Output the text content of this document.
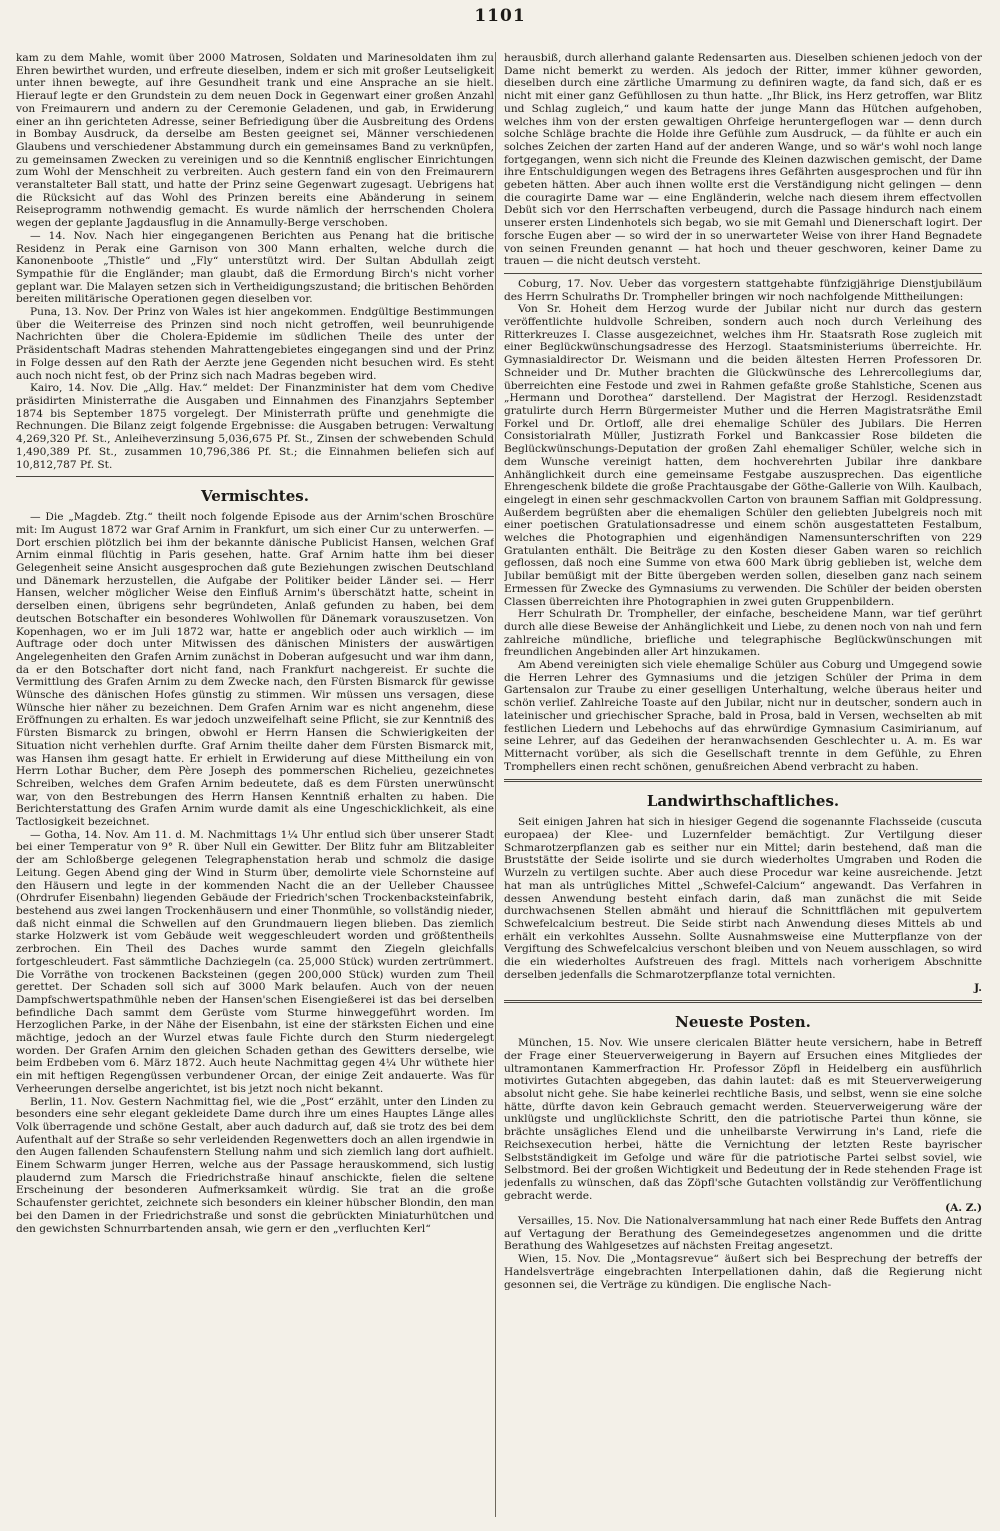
1101

kam zu dem Mahle, womit über 2000 Matrosen, Soldaten und Marinesoldaten ihm zu Ehren bewirthet wurden, und erfreute dieselben, indem er sich mit großer Leutseligkeit unter ihnen bewegte, auf ihre Gesundheit trank und eine Ansprache an sie hielt. Hierauf legte er den Grundstein zu dem neuen Dock in Gegenwart einer großen Anzahl von Freimaurern und andern zu der Ceremonie Geladenen, und gab, in Erwiderung einer an ihn gerichteten Adresse, seiner Befriedigung über die Ausbreitung des Ordens in Bombay Ausdruck, da derselbe am Besten geeignet sei, Männer verschiedenen Glaubens und verschiedener Abstammung durch ein gemeinsames Band zu verknüpfen, zu gemeinsamen Zwecken zu vereinigen und so die Kenntniß englischer Einrichtungen zum Wohl der Menschheit zu verbreiten. Auch gestern fand ein von den Freimaurern veranstalteter Ball statt, und hatte der Prinz seine Gegenwart zugesagt. Uebrigens hat die Rücksicht auf das Wohl des Prinzen bereits eine Abänderung in seinem Reiseprogramm nothwendig gemacht. Es wurde nämlich der herrschenden Cholera wegen der geplante Jagdausflug in die Annamully-Berge verschoben.

— 14. Nov. Nach hier eingegangenen Berichten aus Penang hat die britische Residenz in Perak eine Garnison von 300 Mann erhalten, welche durch die Kanonenboote „Thistle“ und „Fly“ unterstützt wird. Der Sultan Abdullah zeigt Sympathie für die Engländer; man glaubt, daß die Ermordung Birch's nicht vorher geplant war. Die Malayen setzen sich in Vertheidigungszustand; die britischen Behörden bereiten militärische Operationen gegen dieselben vor.

Puna, 13. Nov. Der Prinz von Wales ist hier angekommen. Endgültige Bestimmungen über die Weiterreise des Prinzen sind noch nicht getroffen, weil beunruhigende Nachrichten über die Cholera-Epidemie im südlichen Theile des unter der Präsidentschaft Madras stehenden Mahrattengebietes eingegangen sind und der Prinz in Folge dessen auf den Rath der Aerzte jene Gegenden nicht besuchen wird. Es steht auch noch nicht fest, ob der Prinz sich nach Madras begeben wird.

Kairo, 14. Nov. Die „Allg. Hav.“ meldet: Der Finanzminister hat dem vom Chedive präsidirten Ministerrathe die Ausgaben und Einnahmen des Finanzjahrs September 1874 bis September 1875 vorgelegt. Der Ministerrath prüfte und genehmigte die Rechnungen. Die Bilanz zeigt folgende Ergebnisse: die Ausgaben betrugen: Verwaltung 4,269,320 Pf. St., Anleiheverzinsung 5,036,675 Pf. St., Zinsen der schwebenden Schuld 1,490,389 Pf. St., zusammen 10,796,386 Pf. St.; die Einnahmen beliefen sich auf 10,812,787 Pf. St.

Vermischtes.

— Die „Magdeb. Ztg.“ theilt noch folgende Episode aus der Arnim'schen Broschüre mit: Im August 1872 war Graf Arnim in Frankfurt, um sich einer Cur zu unterwerfen. — Dort erschien plötzlich bei ihm der bekannte dänische Publicist Hansen, welchen Graf Arnim einmal flüchtig in Paris gesehen, hatte. Graf Arnim hatte ihm bei dieser Gelegenheit seine Ansicht ausgesprochen daß gute Beziehungen zwischen Deutschland und Dänemark herzustellen, die Aufgabe der Politiker beider Länder sei. — Herr Hansen, welcher möglicher Weise den Einfluß Arnim's überschätzt hatte, scheint in derselben einen, übrigens sehr begründeten, Anlaß gefunden zu haben, bei dem deutschen Botschafter ein besonderes Wohlwollen für Dänemark vorauszusetzen. Von Kopenhagen, wo er im Juli 1872 war, hatte er angeblich oder auch wirklich — im Auftrage oder doch unter Mitwissen des dänischen Ministers der auswärtigen Angelegenheiten den Grafen Arnim zunächst in Doberan aufgesucht und war ihm dann, da er den Botschafter dort nicht fand, nach Frankfurt nachgereist. Er suchte die Vermittlung des Grafen Arnim zu dem Zwecke nach, den Fürsten Bismarck für gewisse Wünsche des dänischen Hofes günstig zu stimmen. Wir müssen uns versagen, diese Wünsche hier näher zu bezeichnen. Dem Grafen Arnim war es nicht angenehm, diese Eröffnungen zu erhalten. Es war jedoch unzweifelhaft seine Pflicht, sie zur Kenntniß des Fürsten Bismarck zu bringen, obwohl er Herrn Hansen die Schwierigkeiten der Situation nicht verhehlen durfte. Graf Arnim theilte daher dem Fürsten Bismarck mit, was Hansen ihm gesagt hatte. Er erhielt in Erwiderung auf diese Mittheilung ein von Herrn Lothar Bucher, dem Père Joseph des pommerschen Richelieu, gezeichnetes Schreiben, welches dem Grafen Arnim bedeutete, daß es dem Fürsten unerwünscht war, von den Bestrebungen des Herrn Hansen Kenntniß erhalten zu haben. Die Berichterstattung des Grafen Arnim wurde damit als eine Ungeschicklichkeit, als eine Tactlosigkeit bezeichnet.

— Gotha, 14. Nov. Am 11. d. M. Nachmittags 1¼ Uhr entlud sich über unserer Stadt bei einer Temperatur von 9° R. über Null ein Gewitter. Der Blitz fuhr am Blitzableiter der am Schloßberge gelegenen Telegraphenstation herab und schmolz die dasige Leitung. Gegen Abend ging der Wind in Sturm über, demolirte viele Schornsteine auf den Häusern und legte in der kommenden Nacht die an der Uelleber Chaussee (Ohrdrufer Eisenbahn) liegenden Gebäude der Friedrich'schen Trockenbacksteinfabrik, bestehend aus zwei langen Trockenhäusern und einer Thonmühle, so vollständig nieder, daß nicht einmal die Schwellen auf den Grundmauern liegen blieben. Das ziemlich starke Holzwerk ist vom Gebäude weit weggeschleudert worden und größtentheils zerbrochen. Ein Theil des Daches wurde sammt den Ziegeln gleichfalls fortgeschleudert. Fast sämmtliche Dachziegeln (ca. 25,000 Stück) wurden zertrümmert. Die Vorräthe von trockenen Backsteinen (gegen 200,000 Stück) wurden zum Theil gerettet. Der Schaden soll sich auf 3000 Mark belaufen. Auch von der neuen Dampfschwertspathmühle neben der Hansen'schen Eisengießerei ist das bei derselben befindliche Dach sammt dem Gerüste vom Sturme hinweggeführt worden. Im Herzoglichen Parke, in der Nähe der Eisenbahn, ist eine der stärksten Eichen und eine mächtige, jedoch an der Wurzel etwas faule Fichte durch den Sturm niedergelegt worden. Der Grafen Arnim den gleichen Schaden gethan des Gewitters derselbe, wie beim Erdbeben vom 6. März 1872. Auch heute Nachmittag gegen 4¼ Uhr wüthete hier ein mit heftigen Regengüssen verbundener Orcan, der einige Zeit andauerte. Was für Verheerungen derselbe angerichtet, ist bis jetzt noch nicht bekannt.

Berlin, 11. Nov. Gestern Nachmittag fiel, wie die „Post“ erzählt, unter den Linden zu besonders eine sehr elegant gekleidete Dame durch ihre um eines Hauptes Länge alles Volk überragende und schöne Gestalt, aber auch dadurch auf, daß sie trotz des bei dem Aufenthalt auf der Straße so sehr verleidenden Regenwetters doch an allen irgendwie in den Augen fallenden Schaufenstern Stellung nahm und sich ziemlich lang dort aufhielt. Einem Schwarm junger Herren, welche aus der Passage herauskommend, sich lustig plaudernd zum Marsch die Friedrichstraße hinauf anschickte, fielen die seltene Erscheinung der besonderen Aufmerksamkeit würdig. Sie trat an die große Schaufenster gerichtet, zeichnete sich besonders ein kleiner hübscher Blondin, den man bei den Damen in der Friedrichstraße und sonst die gebrückten Miniaturhütchen und den gewichsten Schnurrbartenden ansah, wie gern er den „verfluchten Kerl“

herausbiß, durch allerhand galante Redensarten aus. Dieselben schienen jedoch von der Dame nicht bemerkt zu werden. Als jedoch der Ritter, immer kühner geworden, dieselben durch eine zärtliche Umarmung zu definiren wagte, da fand sich, daß er es nicht mit einer ganz Gefühllosen zu thun hatte. „Ihr Blick, ins Herz getroffen, war Blitz und Schlag zugleich,“ und kaum hatte der junge Mann das Hütchen aufgehoben, welches ihm von der ersten gewaltigen Ohrfeige heruntergeflogen war — denn durch solche Schläge brachte die Holde ihre Gefühle zum Ausdruck, — da fühlte er auch ein solches Zeichen der zarten Hand auf der anderen Wange, und so wär's wohl noch lange fortgegangen, wenn sich nicht die Freunde des Kleinen dazwischen gemischt, der Dame ihre Entschuldigungen wegen des Betragens ihres Gefährten ausgesprochen und für ihn gebeten hätten. Aber auch ihnen wollte erst die Verständigung nicht gelingen — denn die couragirte Dame war — eine Engländerin, welche nach diesem ihrem effectvollen Debüt sich vor den Herrschaften verbeugend, durch die Passage hindurch nach einem unserer ersten Lindenhotels sich begab, wo sie mit Gemahl und Dienerschaft logirt. Der forsche Eugen aber — so wird der in so unerwarteter Weise von ihrer Hand Begnadete von seinen Freunden genannt — hat hoch und theuer geschworen, keiner Dame zu trauen — die nicht deutsch versteht.

Coburg, 17. Nov. Ueber das vorgestern stattgehabte fünfzigjährige Dienstjubiläum des Herrn Schulraths Dr. Trompheller bringen wir noch nachfolgende Mittheilungen:

Von Sr. Hoheit dem Herzog wurde der Jubilar nicht nur durch das gestern veröffentlichte huldvolle Schreiben, sondern auch noch durch Verleihung des Ritterkreuzes I. Classe ausgezeichnet, welches ihm Hr. Staatsrath Rose zugleich mit einer Beglückwünschungsadresse des Herzogl. Staatsministeriums überreichte. Hr. Gymnasialdirector Dr. Weismann und die beiden ältesten Herren Professoren Dr. Schneider und Dr. Muther brachten die Glückwünsche des Lehrercollegiums dar, überreichten eine Festode und zwei in Rahmen gefaßte große Stahlstiche, Scenen aus „Hermann und Dorothea“ darstellend. Der Magistrat der Herzogl. Residenzstadt gratulirte durch Herrn Bürgermeister Muther und die Herren Magistratsräthe Emil Forkel und Dr. Ortloff, alle drei ehemalige Schüler des Jubilars. Die Herren Consistorialrath Müller, Justizrath Forkel und Bankcassier Rose bildeten die Beglückwünschungs-Deputation der großen Zahl ehemaliger Schüler, welche sich in dem Wunsche vereinigt hatten, dem hochverehrten Jubilar ihre dankbare Anhänglichkeit durch eine gemeinsame Festgabe auszusprechen. Das eigentliche Ehrengeschenk bildete die große Prachtausgabe der Göthe-Gallerie von Wilh. Kaulbach, eingelegt in einen sehr geschmackvollen Carton von braunem Saffian mit Goldpressung. Außerdem begrüßten aber die ehemaligen Schüler den geliebten Jubelgreis noch mit einer poetischen Gratulationsadresse und einem schön ausgestatteten Festalbum, welches die Photographien und eigenhändigen Namensunterschriften von 229 Gratulanten enthält. Die Beiträge zu den Kosten dieser Gaben waren so reichlich geflossen, daß noch eine Summe von etwa 600 Mark übrig geblieben ist, welche dem Jubilar bemüßigt mit der Bitte übergeben werden sollen, dieselben ganz nach seinem Ermessen für Zwecke des Gymnasiums zu verwenden. Die Schüler der beiden obersten Classen überreichten ihre Photographien in zwei guten Gruppenbildern.

Herr Schulrath Dr. Trompheller, der einfache, bescheidene Mann, war tief gerührt durch alle diese Beweise der Anhänglichkeit und Liebe, zu denen noch von nah und fern zahlreiche mündliche, briefliche und telegraphische Beglückwünschungen mit freundlichen Angebinden aller Art hinzukamen.

Am Abend vereinigten sich viele ehemalige Schüler aus Coburg und Umgegend sowie die Herren Lehrer des Gymnasiums und die jetzigen Schüler der Prima in dem Gartensalon zur Traube zu einer geselligen Unterhaltung, welche überaus heiter und schön verlief. Zahlreiche Toaste auf den Jubilar, nicht nur in deutscher, sondern auch in lateinischer und griechischer Sprache, bald in Prosa, bald in Versen, wechselten ab mit festlichen Liedern und Lebehochs auf das ehrwürdige Gymnasium Casimirianum, auf seine Lehrer, auf das Gedeihen der heranwachsenden Geschlechter u. A. m. Es war Mitternacht vorüber, als sich die Gesellschaft trennte in dem Gefühle, zu Ehren Tromphellers einen recht schönen, genußreichen Abend verbracht zu haben.

Landwirthschaftliches.

Seit einigen Jahren hat sich in hiesiger Gegend die sogenannte Flachsseide (cuscuta europaea) der Klee- und Luzernfelder bemächtigt. Zur Vertilgung dieser Schmarotzerpflanzen gab es seither nur ein Mittel; darin bestehend, daß man die Bruststätte der Seide isolirte und sie durch wiederholtes Umgraben und Roden die Wurzeln zu vertilgen suchte. Aber auch diese Procedur war keine ausreichende. Jetzt hat man als untrügliches Mittel „Schwefel-Calcium“ angewandt. Das Verfahren in dessen Anwendung besteht einfach darin, daß man zunächst die mit Seide durchwachsenen Stellen abmäht und hierauf die Schnittflächen mit gepulvertem Schwefelcalcium bestreut. Die Seide stirbt nach Anwendung dieses Mittels ab und erhält ein verkohltes Aussehn. Sollte Ausnahmsweise eine Mutterpflanze von der Vergiftung des Schwefelcalcius verschont bleiben und von Neuem ausschlagen, so wird die ein wiederholtes Aufstreuen des fragl. Mittels nach vorherigem Abschnitte derselben jedenfalls die Schmarotzerpflanze total vernichten.

J.

Neueste Posten.

München, 15. Nov. Wie unsere clericalen Blätter heute versichern, habe in Betreff der Frage einer Steuerverweigerung in Bayern auf Ersuchen eines Mitgliedes der ultramontanen Kammerfraction Hr. Professor Zöpfl in Heidelberg ein ausführlich motivirtes Gutachten abgegeben, das dahin lautet: daß es mit Steuerverweigerung absolut nicht gehe. Sie habe keinerlei rechtliche Basis, und selbst, wenn sie eine solche hätte, dürfte davon kein Gebrauch gemacht werden. Steuerverweigerung wäre der unklügste und unglücklichste Schritt, den die patriotische Partei thun könne, sie brächte unsägliches Elend und die unheilbarste Verwirrung in's Land, riefe die Reichsexecution herbei, hätte die Vernichtung der letzten Reste bayrischer Selbstständigkeit im Gefolge und wäre für die patriotische Partei selbst soviel, wie Selbstmord. Bei der großen Wichtigkeit und Bedeutung der in Rede stehenden Frage ist jedenfalls zu wünschen, daß das Zöpfl'sche Gutachten vollständig zur Veröffentlichung gebracht werde.

(A. Z.)

Versailles, 15. Nov. Die Nationalversammlung hat nach einer Rede Buffets den Antrag auf Vertagung der Berathung des Gemeindegesetzes angenommen und die dritte Berathung des Wahlgesetzes auf nächsten Freitag angesetzt.

Wien, 15. Nov. Die „Montagsrevue“ äußert sich bei Besprechung der betreffs der Handelsverträge eingebrachten Interpellationen dahin, daß die Regierung nicht gesonnen sei, die Verträge zu kündigen. Die englische Nach-
